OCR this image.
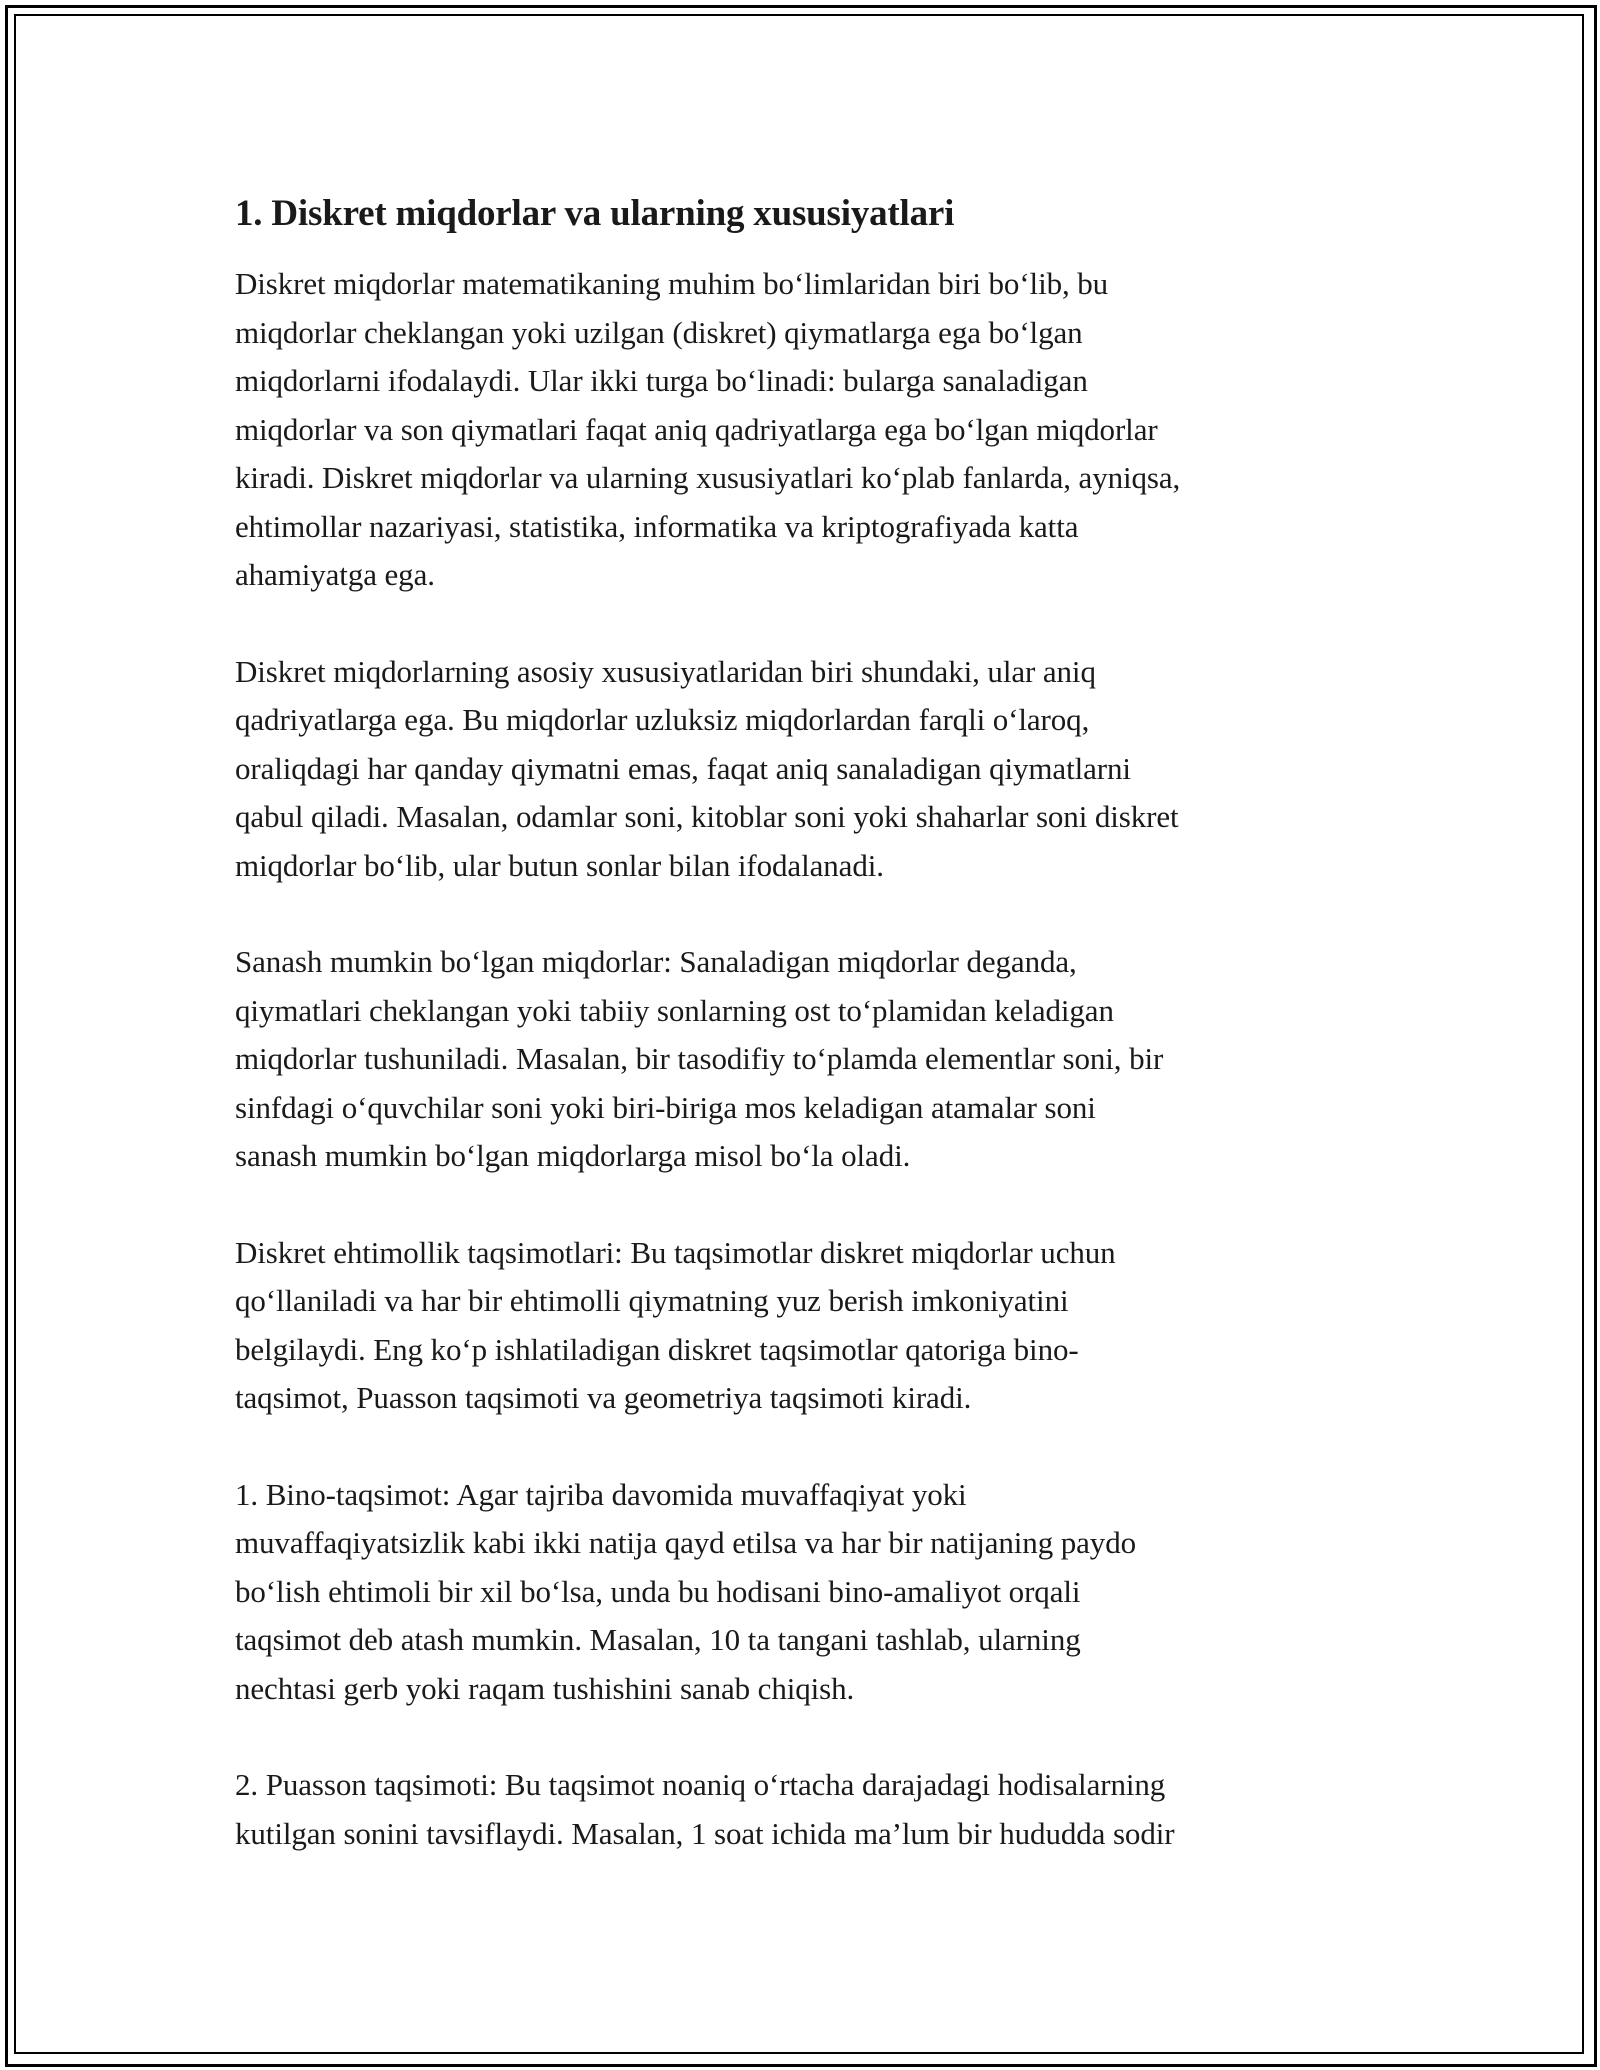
1. Diskret miqdorlar va ularning xususiyatlari
Diskret miqdorlar matematikaning muhim bo‘limlaridan biri bo‘lib, bu
miqdorlar cheklangan yoki uzilgan (diskret) qiymatlarga ega bo‘lgan
miqdorlarni ifodalaydi. Ular ikki turga bo‘linadi: bularga sanaladigan
miqdorlar va son qiymatlari faqat aniq qadriyatlarga ega bo‘lgan miqdorlar
kiradi. Diskret miqdorlar va ularning xususiyatlari ko‘plab fanlarda, ayniqsa,
ehtimollar nazariyasi, statistika, informatika va kriptografiyada katta
ahamiyatga ega.
Diskret miqdorlarning asosiy xususiyatlaridan biri shundaki, ular aniq
qadriyatlarga ega. Bu miqdorlar uzluksiz miqdorlardan farqli o‘laroq,
oraliqdagi har qanday qiymatni emas, faqat aniq sanaladigan qiymatlarni
qabul qiladi. Masalan, odamlar soni, kitoblar soni yoki shaharlar soni diskret
miqdorlar bo‘lib, ular butun sonlar bilan ifodalanadi.
Sanash mumkin bo‘lgan miqdorlar: Sanaladigan miqdorlar deganda,
qiymatlari cheklangan yoki tabiiy sonlarning ost to‘plamidan keladigan
miqdorlar tushuniladi. Masalan, bir tasodifiy to‘plamda elementlar soni, bir
sinfdagi o‘quvchilar soni yoki biri-biriga mos keladigan atamalar soni
sanash mumkin bo‘lgan miqdorlarga misol bo‘la oladi.
Diskret ehtimollik taqsimotlari: Bu taqsimotlar diskret miqdorlar uchun
qo‘llaniladi va har bir ehtimolli qiymatning yuz berish imkoniyatini
belgilaydi. Eng ko‘p ishlatiladigan diskret taqsimotlar qatoriga bino-
taqsimot, Puasson taqsimoti va geometriya taqsimoti kiradi.
1. Bino-taqsimot: Agar tajriba davomida muvaffaqiyat yoki
muvaffaqiyatsizlik kabi ikki natija qayd etilsa va har bir natijaning paydo
bo‘lish ehtimoli bir xil bo‘lsa, unda bu hodisani bino-amaliyot orqali
taqsimot deb atash mumkin. Masalan, 10 ta tangani tashlab, ularning
nechtasi gerb yoki raqam tushishini sanab chiqish.
2. Puasson taqsimoti: Bu taqsimot noaniq o‘rtacha darajadagi hodisalarning
kutilgan sonini tavsiflaydi. Masalan, 1 soat ichida ma’lum bir hududda sodir
